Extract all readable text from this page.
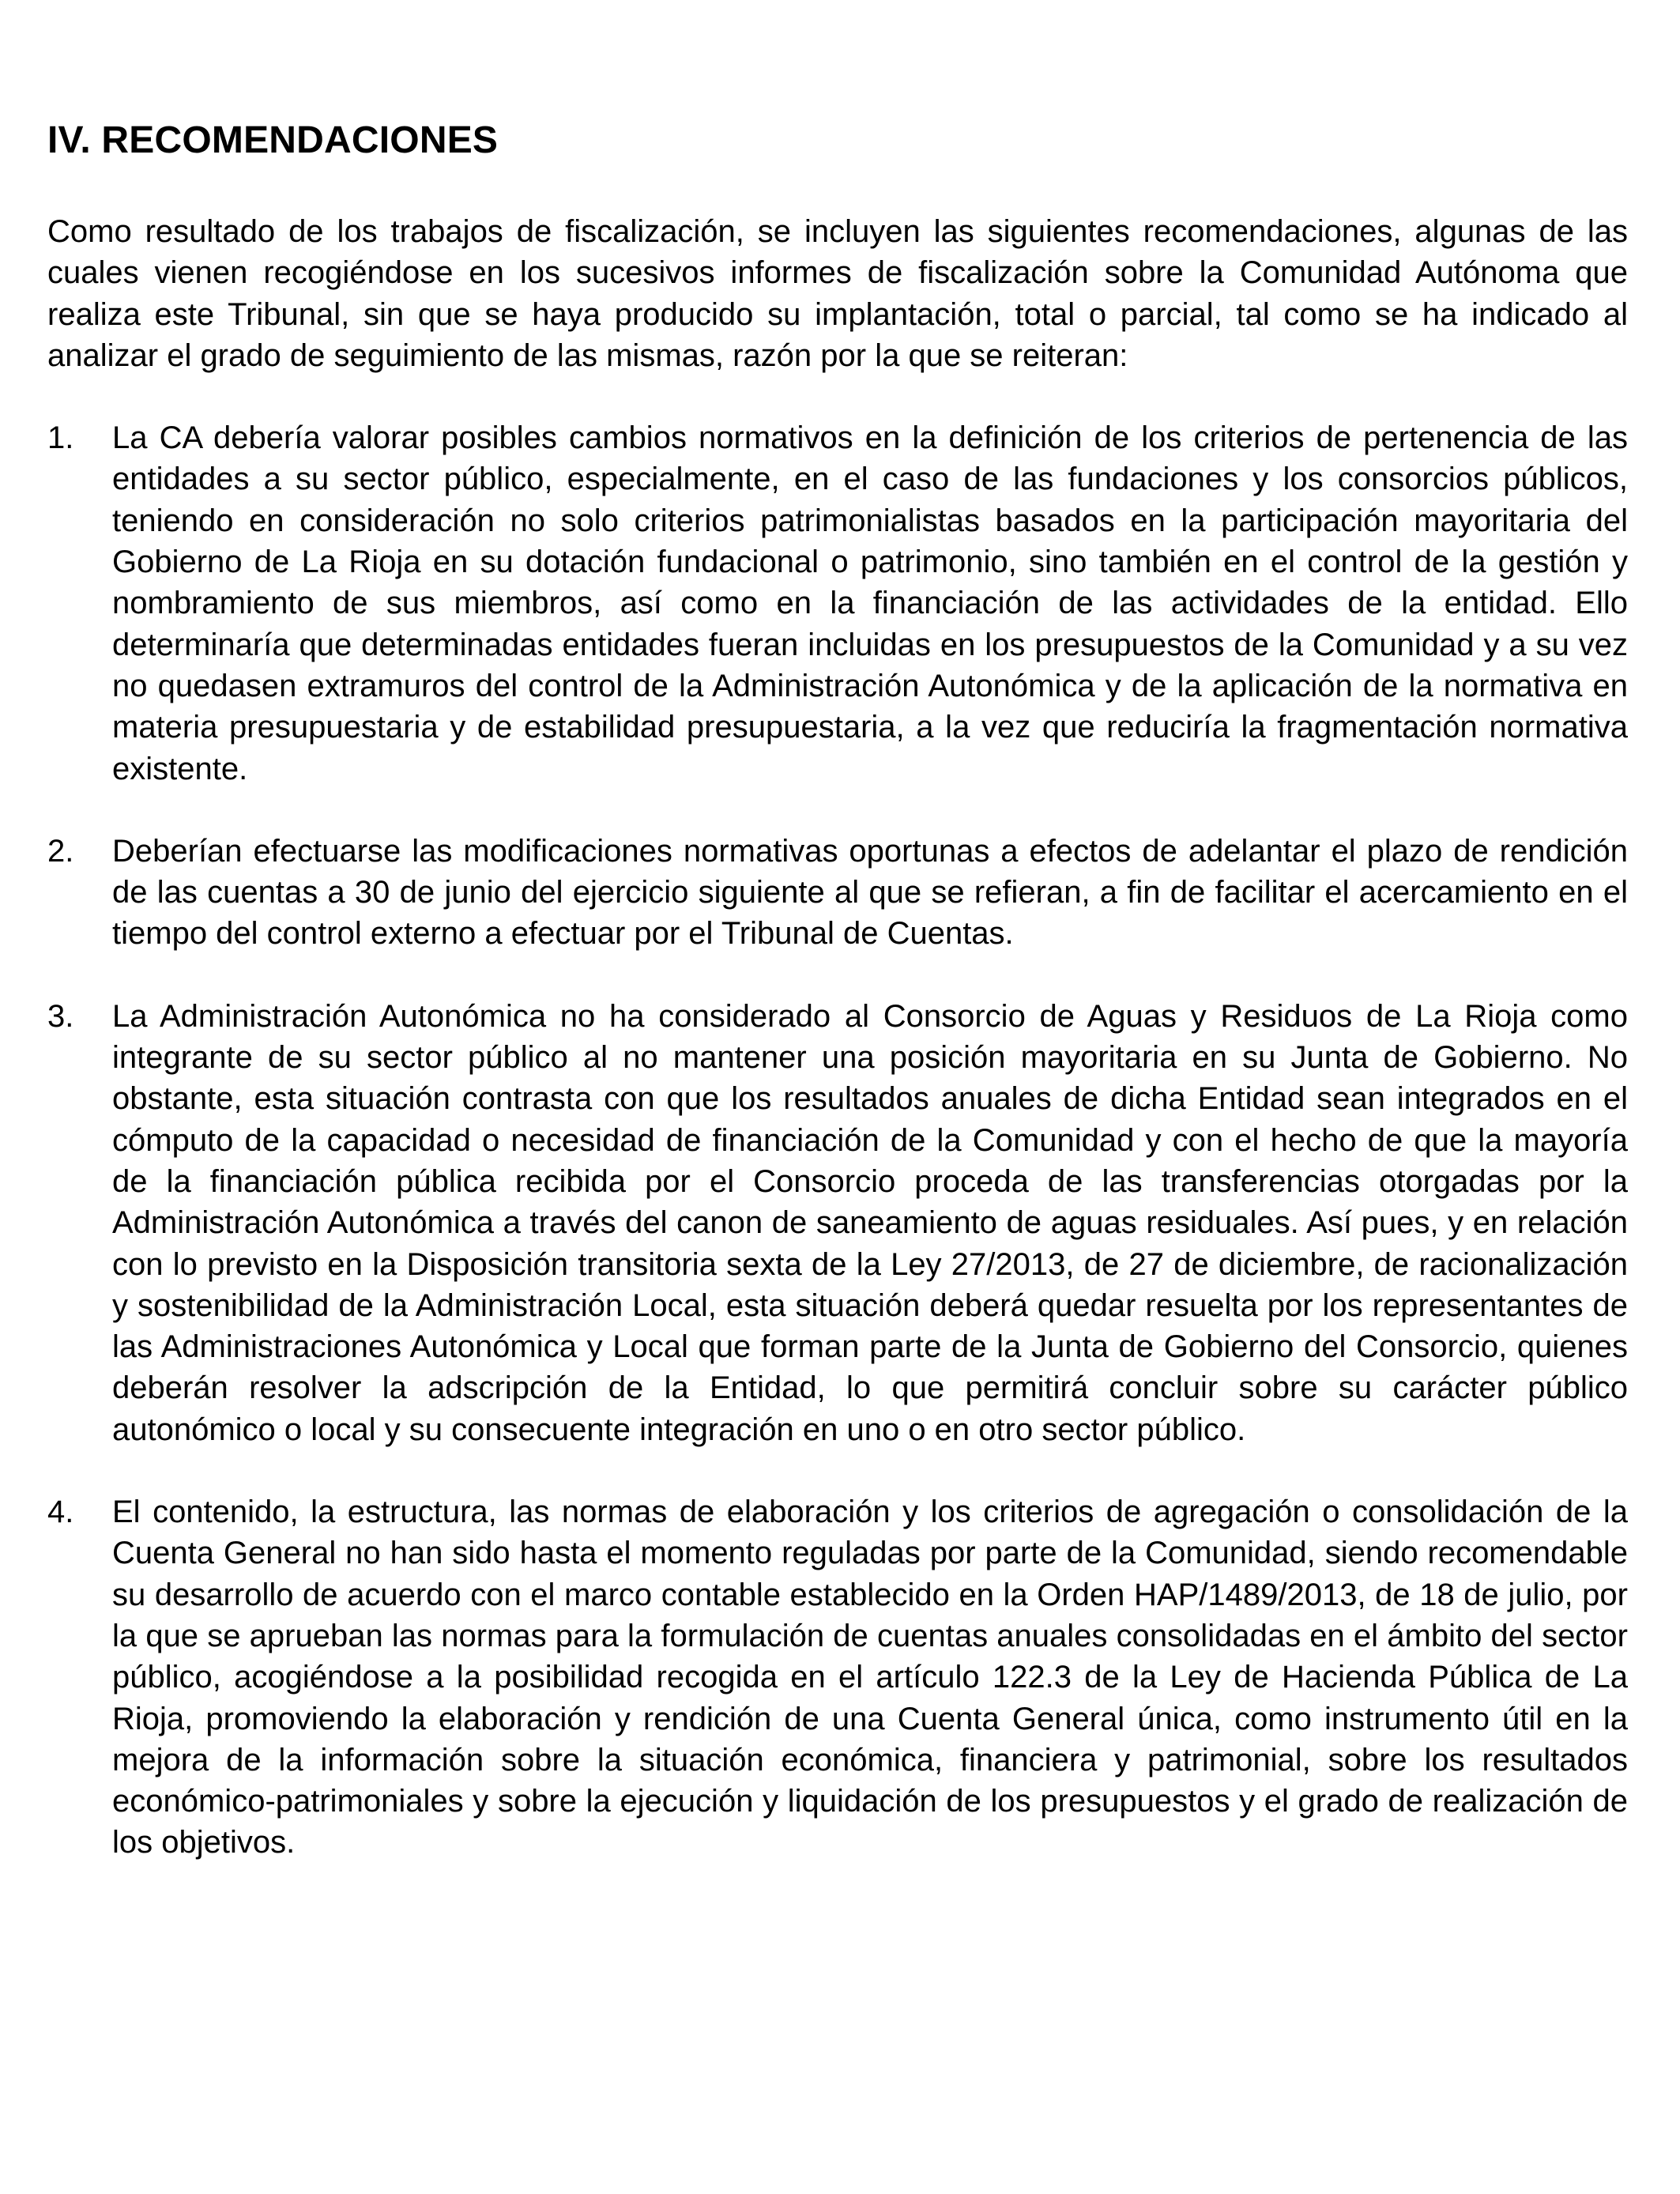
IV. RECOMENDACIONES

Como resultado de los trabajos de fiscalización, se incluyen las siguientes recomendaciones, algunas de las cuales vienen recogiéndose en los sucesivos informes de fiscalización sobre la Comunidad Autónoma que realiza este Tribunal, sin que se haya producido su implantación, total o parcial, tal como se ha indicado al analizar el grado de seguimiento de las mismas, razón por la que se reiteran:

1. La CA debería valorar posibles cambios normativos en la definición de los criterios de pertenencia de las entidades a su sector público, especialmente, en el caso de las fundaciones y los consorcios públicos, teniendo en consideración no solo criterios patrimonialistas basados en la participación mayoritaria del Gobierno de La Rioja en su dotación fundacional o patrimonio, sino también en el control de la gestión y nombramiento de sus miembros, así como en la financiación de las actividades de la entidad. Ello determinaría que determinadas entidades fueran incluidas en los presupuestos de la Comunidad y a su vez no quedasen extramuros del control de la Administración Autonómica y de la aplicación de la normativa en materia presupuestaria y de estabilidad presupuestaria, a la vez que reduciría la fragmentación normativa existente.

2. Deberían efectuarse las modificaciones normativas oportunas a efectos de adelantar el plazo de rendición de las cuentas a 30 de junio del ejercicio siguiente al que se refieran, a fin de facilitar el acercamiento en el tiempo del control externo a efectuar por el Tribunal de Cuentas.

3. La Administración Autonómica no ha considerado al Consorcio de Aguas y Residuos de La Rioja como integrante de su sector público al no mantener una posición mayoritaria en su Junta de Gobierno. No obstante, esta situación contrasta con que los resultados anuales de dicha Entidad sean integrados en el cómputo de la capacidad o necesidad de financiación de la Comunidad y con el hecho de que la mayoría de la financiación pública recibida por el Consorcio proceda de las transferencias otorgadas por la Administración Autonómica a través del canon de saneamiento de aguas residuales. Así pues, y en relación con lo previsto en la Disposición transitoria sexta de la Ley 27/2013, de 27 de diciembre, de racionalización y sostenibilidad de la Administración Local, esta situación deberá quedar resuelta por los representantes de las Administraciones Autonómica y Local que forman parte de la Junta de Gobierno del Consorcio, quienes deberán resolver la adscripción de la Entidad, lo que permitirá concluir sobre su carácter público autonómico o local y su consecuente integración en uno o en otro sector público.

4. El contenido, la estructura, las normas de elaboración y los criterios de agregación o consolidación de la Cuenta General no han sido hasta el momento reguladas por parte de la Comunidad, siendo recomendable su desarrollo de acuerdo con el marco contable establecido en la Orden HAP/1489/2013, de 18 de julio, por la que se aprueban las normas para la formulación de cuentas anuales consolidadas en el ámbito del sector público, acogiéndose a la posibilidad recogida en el artículo 122.3 de la Ley de Hacienda Pública de La Rioja, promoviendo la elaboración y rendición de una Cuenta General única, como instrumento útil en la mejora de la información sobre la situación económica, financiera y patrimonial, sobre los resultados económico-patrimoniales y sobre la ejecución y liquidación de los presupuestos y el grado de realización de los objetivos.
